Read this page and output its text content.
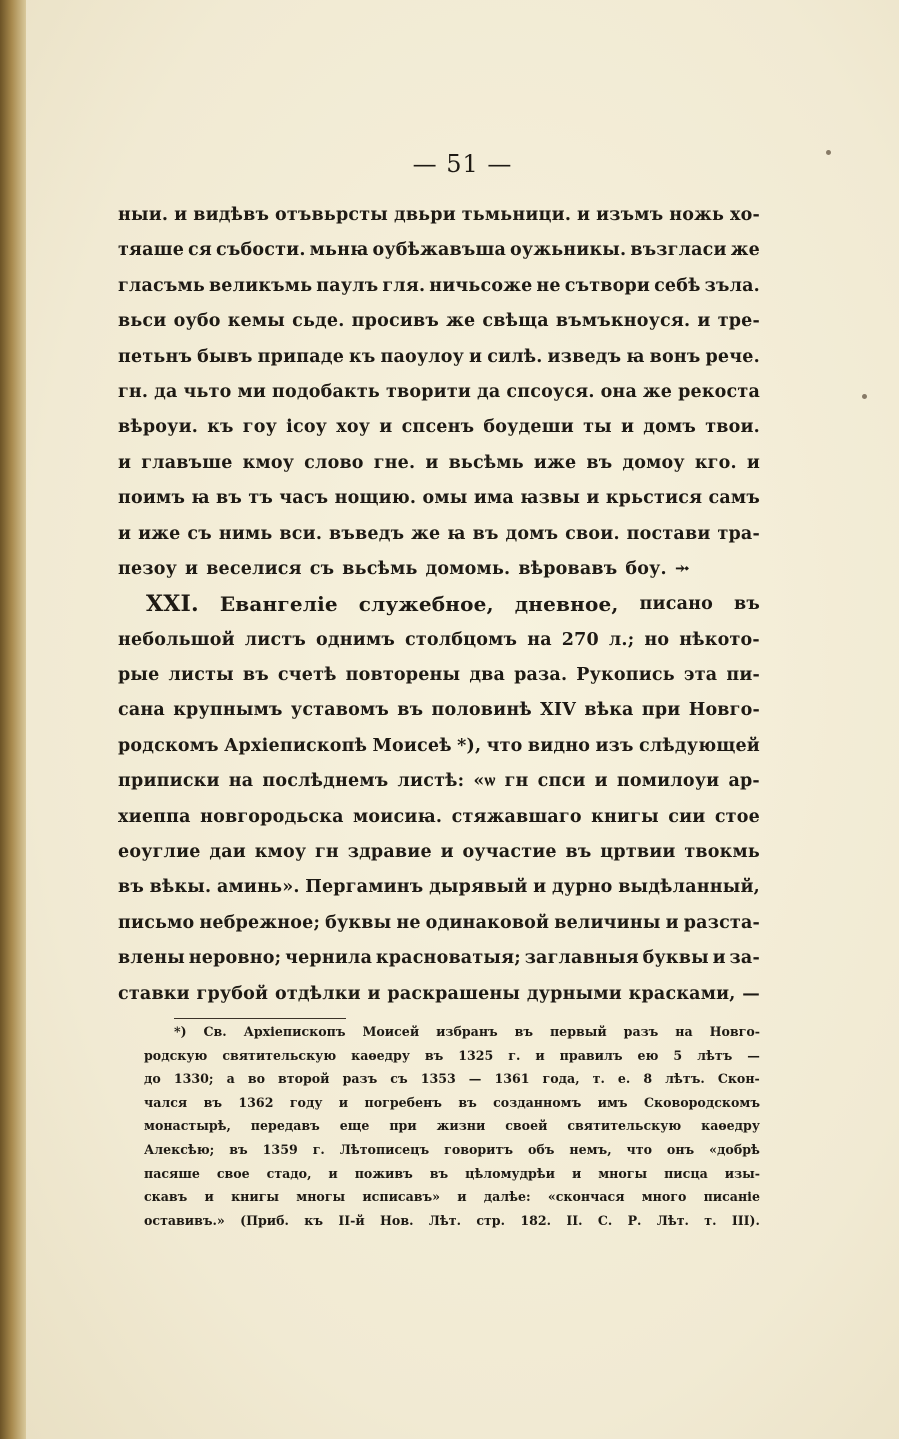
— 51 —
ныи. и видѣвъ отъвьрсты двьри тьмьници. и изъмъ ножь хо-
тяаше ся събости. мьнꙗ оубѣжавъша оужьникы. възгласи же
гласъмь великъмь паулъ гля. ничьсоже не сътвори себѣ зъла.
вьси оубо кемы сьде. просивъ же свѣща въмъкноуся. и тре-
петьнъ бывъ припаде къ паоулоу и силѣ. изведъ ꙗ вонъ рече.
гн. да чьто ми подобакть творити да спсоуся. она же рекоста
вѣроуи. къ гоу ісоу хоу и спсенъ боудеши ты и домъ твои.
и главъше кмоу слово гне. и вьсѣмь иже въ домоу кго. и
поимъ ꙗ въ тъ часъ нощию. омы има ꙗзвы и крьстися самъ
и иже съ нимь вси. въведъ же ꙗ въ домъ свои. постави тра-
пезоу и веселися съ вьсѣмь домомь. вѣровавъ боу. ⤞
XXI. Евангеліе служебное, дневное, писано въ
небольшой листъ однимъ столбцомъ на 270 л.; но нѣкото-
рые листы въ счетѣ повторены два раза. Рукопись эта пи-
сана крупнымъ уставомъ въ половинѣ XIV вѣка при Новго-
родскомъ Архіепископѣ Моисеѣ *), что видно изъ слѣдующей
приписки на послѣднемъ листѣ: «ѡ гн спси и помилоуи ар-
хиеппа новгородьска моисиꙗ. стяжавшаго книгы сии стое
еоуглие даи кмоу гн здравие и оучастие въ цртвии твокмь
въ вѣкы. аминь». Пергаминъ дырявый и дурно выдѣланный,
письмо небрежное; буквы не одинаковой величины и разста-
влены неровно; чернила красноватыя; заглавныя буквы и за-
ставки грубой отдѣлки и раскрашены дурными красками, —
*) Св. Архіепископъ Моисей избранъ въ первый разъ на Новго-
родскую святительскую каѳедру въ 1325 г. и правилъ ею 5 лѣтъ —
до 1330; а во второй разъ съ 1353 — 1361 года, т. е. 8 лѣтъ. Скон-
чался въ 1362 году и погребенъ въ созданномъ имъ Сковородскомъ
монастырѣ, передавъ еще при жизни своей святительскую каѳедру
Алексѣю; въ 1359 г. Лѣтописецъ говоритъ объ немъ, что онъ «добрѣ
пасяше свое стадо, и поживъ въ цѣломудрѣи и многы писца изы-
скавъ и книгы многы исписавъ» и далѣе: «скончася много писаніе
оставивъ.» (Приб. къ II-й Нов. Лѣт. стр. 182. II. С. Р. Лѣт. т. III).
